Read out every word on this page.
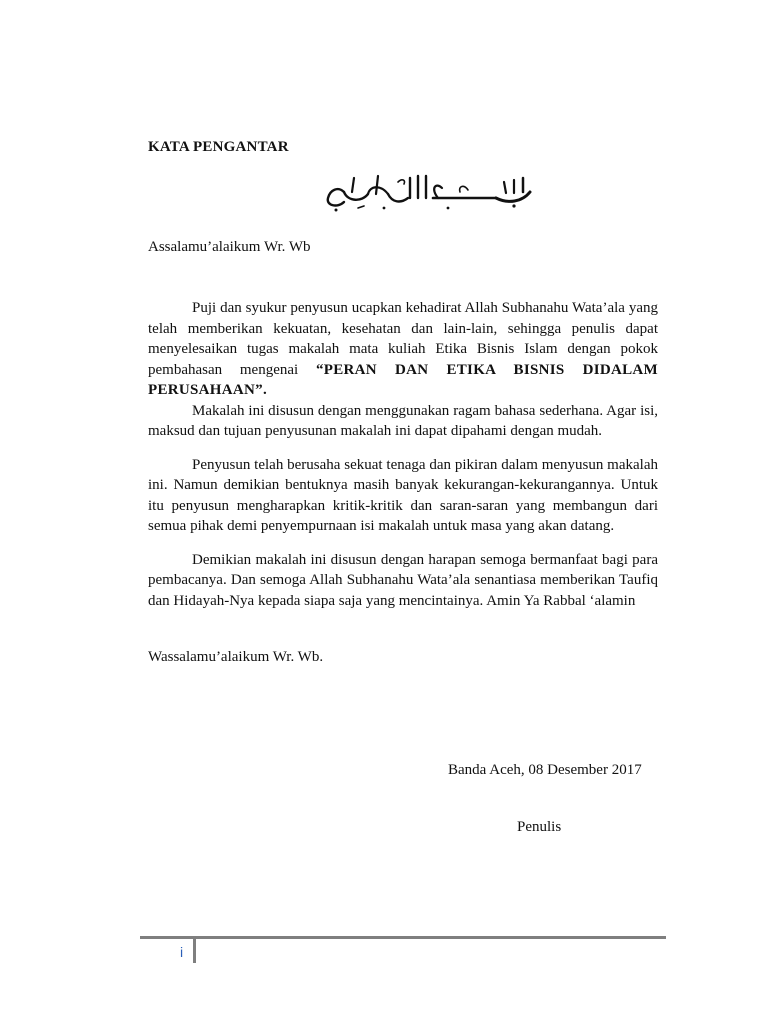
KATA PENGANTAR
Assalamu’alaikum Wr. Wb

Puji dan syukur penyusun ucapkan kehadirat Allah Subhanahu Wata’ala yang telah memberikan kekuatan, kesehatan dan lain-lain, sehingga penulis dapat menyelesaikan tugas makalah mata kuliah Etika Bisnis Islam dengan pokok pembahasan mengenai “PERAN DAN ETIKA BISNIS DIDALAM PERUSAHAAN”.

Makalah ini disusun dengan menggunakan ragam bahasa sederhana. Agar isi, maksud dan tujuan penyusunan makalah ini dapat dipahami dengan mudah.

Penyusun telah berusaha sekuat tenaga dan pikiran dalam menyusun makalah ini. Namun demikian bentuknya masih banyak kekurangan-kekurangannya. Untuk itu penyusun mengharapkan kritik-kritik dan saran-saran yang membangun dari semua pihak demi penyempurnaan isi makalah untuk masa yang akan datang.

Demikian makalah ini disusun dengan harapan semoga bermanfaat bagi para pembacanya. Dan semoga Allah Subhanahu Wata’ala senantiasa memberikan Taufiq dan Hidayah-Nya kepada siapa saja yang mencintainya. Amin Ya Rabbal ‘alamin

Wassalamu’alaikum Wr. Wb.
Banda Aceh, 08 Desember 2017
Penulis
i
